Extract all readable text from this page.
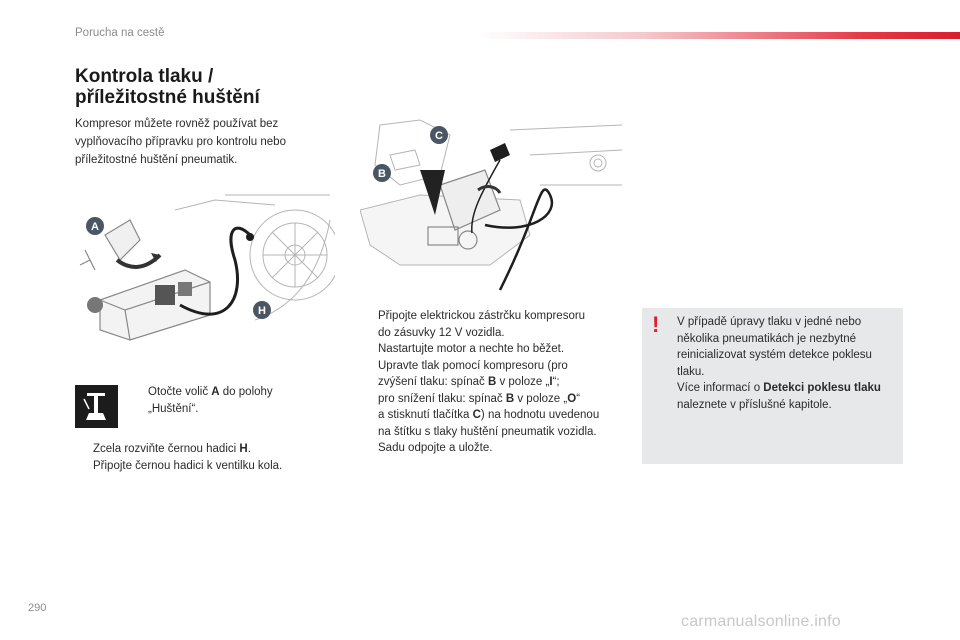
Porucha na cestě
Kontrola tlaku /
příležitostné huštění

Kompresor můžete rovněž používat bez vyplňovacího přípravku pro kontrolu nebo příležitostné huštění pneumatik.

A
H
C
B

Otočte volič A do polohy „Huštění“.

Zcela rozviňte černou hadici H.
Připojte černou hadici k ventilku kola.

Připojte elektrickou zástrčku kompresoru
do zásuvky 12 V vozidla.
Nastartujte motor a nechte ho běžet.
Upravte tlak pomocí kompresoru (pro
zvýšení tlaku: spínač B v poloze „I“;
pro snížení tlaku: spínač B v poloze „O“
a stisknutí tlačítka C) na hodnotu uvedenou
na štítku s tlaky huštění pneumatik vozidla.
Sadu odpojte a uložte.

! V případě úpravy tlaku v jedné nebo několika pneumatikách je nezbytné reinicializovat systém detekce poklesu tlaku.
Více informací o Detekci poklesu tlaku naleznete v příslušné kapitole.

290
carmanualsonline.info
